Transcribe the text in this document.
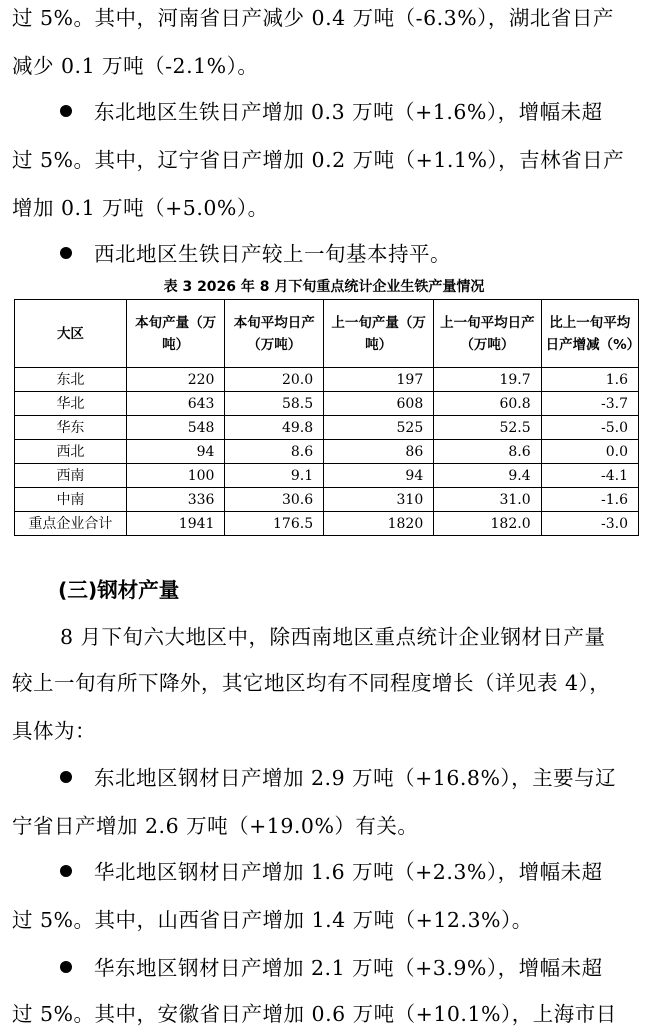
过 5%。其中，河南省日产减少 0.4 万吨（-6.3%），湖北省日产
减少 0.1 万吨（-2.1%）。
东北地区生铁日产增加 0.3 万吨（+1.6%），增幅未超
过 5%。其中，辽宁省日产增加 0.2 万吨（+1.1%），吉林省日产
增加 0.1 万吨（+5.0%）。
西北地区生铁日产较上一旬基本持平。
表 3 2026 年 8 月下旬重点统计企业生铁产量情况
大区	本旬产量（万吨）	本旬平均日产（万吨）	上一旬产量（万吨）	上一旬平均日产（万吨）	比上一旬平均日产增减（%）
东北	220	20.0	197	19.7	1.6
华北	643	58.5	608	60.8	-3.7
华东	548	49.8	525	52.5	-5.0
西北	94	8.6	86	8.6	0.0
西南	100	9.1	94	9.4	-4.1
中南	336	30.6	310	31.0	-1.6
重点企业合计	1941	176.5	1820	182.0	-3.0
(三)钢材产量
8 月下旬六大地区中，除西南地区重点统计企业钢材日产量
较上一旬有所下降外，其它地区均有不同程度增长（详见表 4），
具体为：
东北地区钢材日产增加 2.9 万吨（+16.8%），主要与辽
宁省日产增加 2.6 万吨（+19.0%）有关。
华北地区钢材日产增加 1.6 万吨（+2.3%），增幅未超
过 5%。其中，山西省日产增加 1.4 万吨（+12.3%）。
华东地区钢材日产增加 2.1 万吨（+3.9%），增幅未超
过 5%。其中，安徽省日产增加 0.6 万吨（+10.1%），上海市日
